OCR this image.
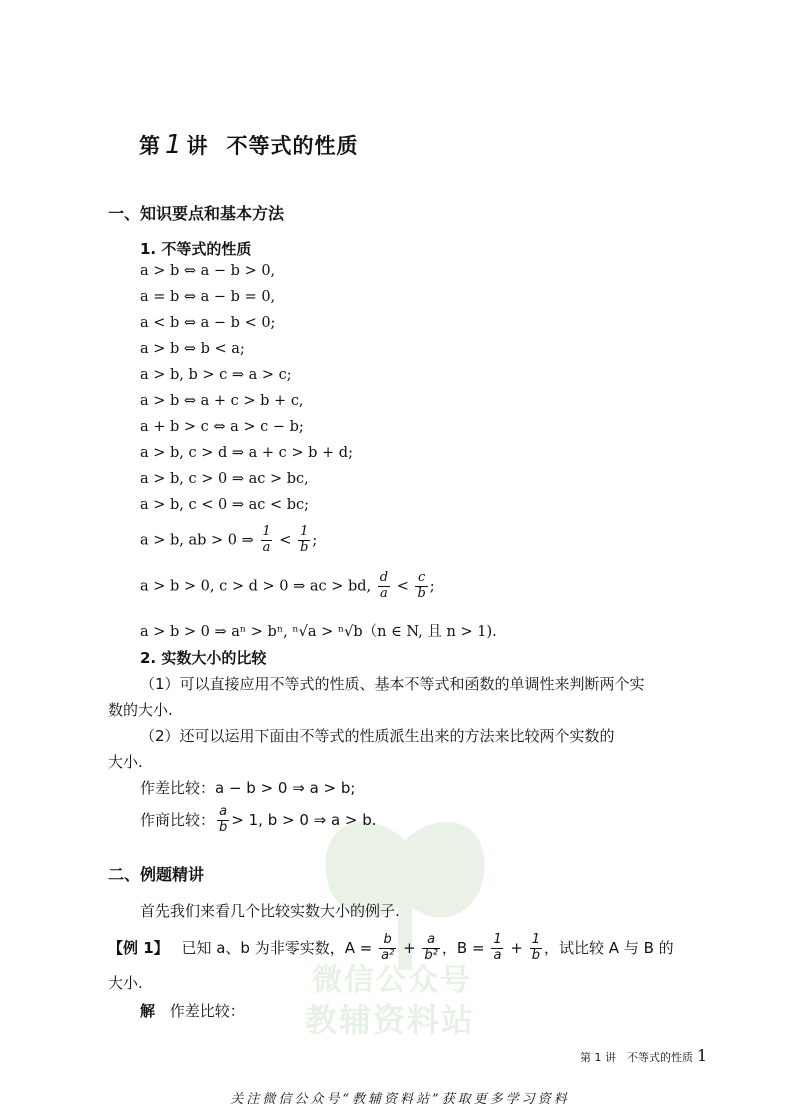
微信公众号
教辅资料站
第 1 讲 不等式的性质
一、知识要点和基本方法
1. 不等式的性质
a > b ⇔ a − b > 0,
a = b ⇔ a − b = 0,
a < b ⇔ a − b < 0;
a > b ⇔ b < a;
a > b, b > c ⇒ a > c;
a > b ⇔ a + c > b + c,
a + b > c ⇔ a > c − b;
a > b, c > d ⇒ a + c > b + d;
a > b, c > 0 ⇒ ac > bc,
a > b, c < 0 ⇒ ac < bc;
a > b, ab > 0 ⇒ $\frac{1}{a} < \frac{1}{b}$ ;
a > b > 0, c > d > 0 ⇒ ac > bd, $\frac{d}{a} < \frac{c}{b}$ ;
a > b > 0 ⇒ aⁿ > bⁿ, ⁿ√a > ⁿ√b（n ∈ N, 且 n > 1).
2. 实数大小的比较
（1）可以直接应用不等式的性质、基本不等式和函数的单调性来判断两个实
数的大小.
（2）还可以运用下面由不等式的性质派生出来的方法来比较两个实数的
大小.
作差比较：a − b > 0 ⇒ a > b;
作商比较： $\frac{a}{b} > 1$, b > 0 ⇒ a > b.
二、例题精讲
首先我们来看几个比较实数大小的例子.
【例 1】 已知 a、b 为非零实数，$A = \frac{b}{\text{a²}} + \frac{a}{\text{b²}}$ ，$B = \frac{1}{a} + \frac{1}{b}$ ，试比较 A 与 B 的
大小.
解 作差比较：
第 1 讲　不等式的性质 1
关注微信公众号“教辅资料站”获取更多学习资料
